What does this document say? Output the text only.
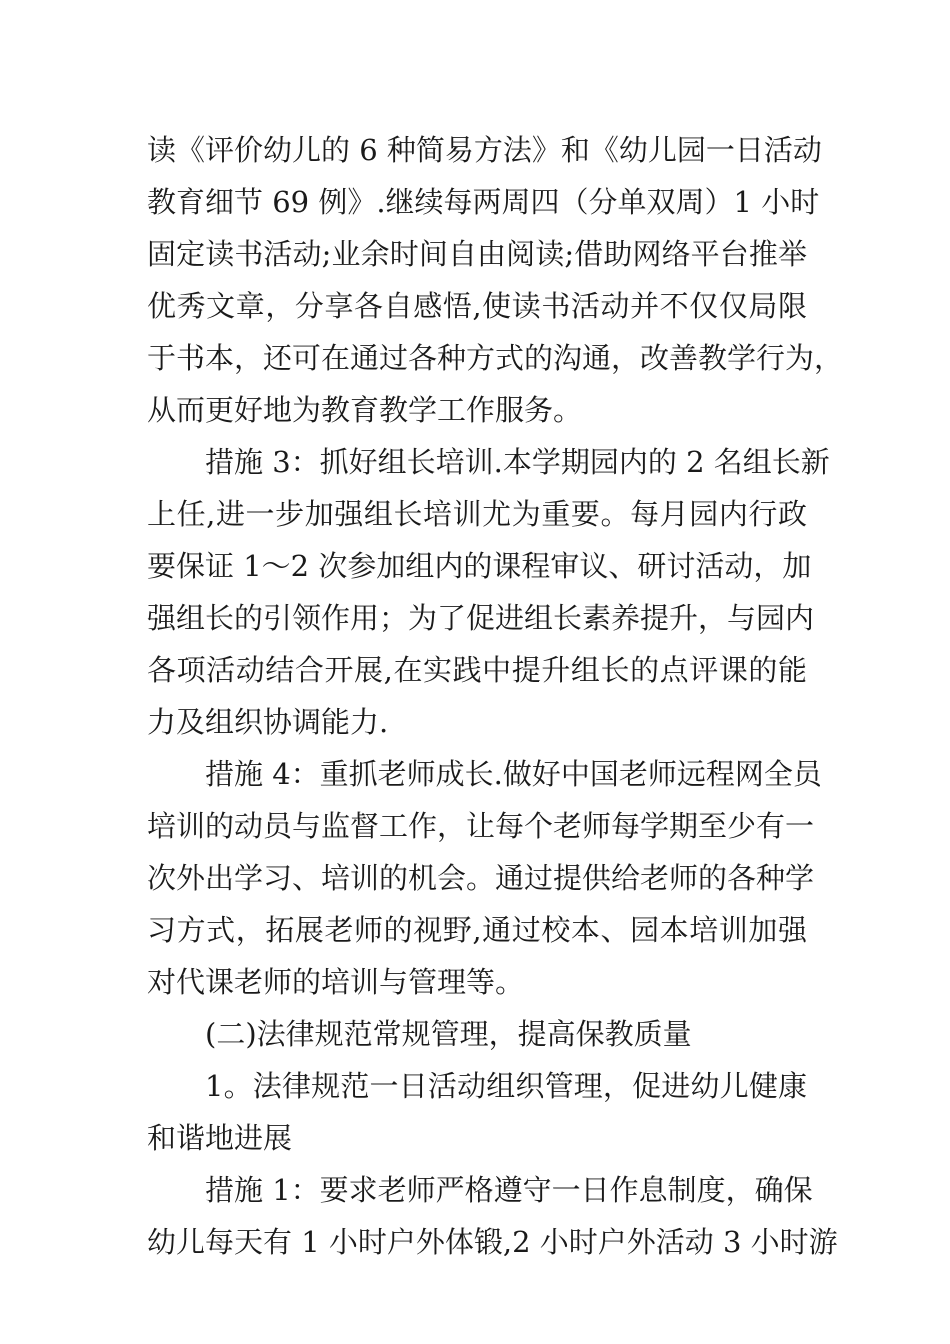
读《评价幼儿的 6 种简易方法》和《幼儿园一日活动
教育细节 69 例》.继续每两周四（分单双周）1 小时
固定读书活动;业余时间自由阅读;借助网络平台推举
优秀文章，分享各自感悟,使读书活动并不仅仅局限
于书本，还可在通过各种方式的沟通，改善教学行为，
从而更好地为教育教学工作服务。
措施 3：抓好组长培训.本学期园内的 2 名组长新
上任,进一步加强组长培训尤为重要。每月园内行政
要保证 1～2 次参加组内的课程审议、研讨活动，加
强组长的引领作用；为了促进组长素养提升，与园内
各项活动结合开展,在实践中提升组长的点评课的能
力及组织协调能力.
措施 4：重抓老师成长.做好中国老师远程网全员
培训的动员与监督工作，让每个老师每学期至少有一
次外出学习、培训的机会。通过提供给老师的各种学
习方式，拓展老师的视野,通过校本、园本培训加强
对代课老师的培训与管理等。
(二)法律规范常规管理，提高保教质量
1。法律规范一日活动组织管理，促进幼儿健康
和谐地进展
措施 1：要求老师严格遵守一日作息制度，确保
幼儿每天有 1 小时户外体锻,2 小时户外活动 3 小时游
